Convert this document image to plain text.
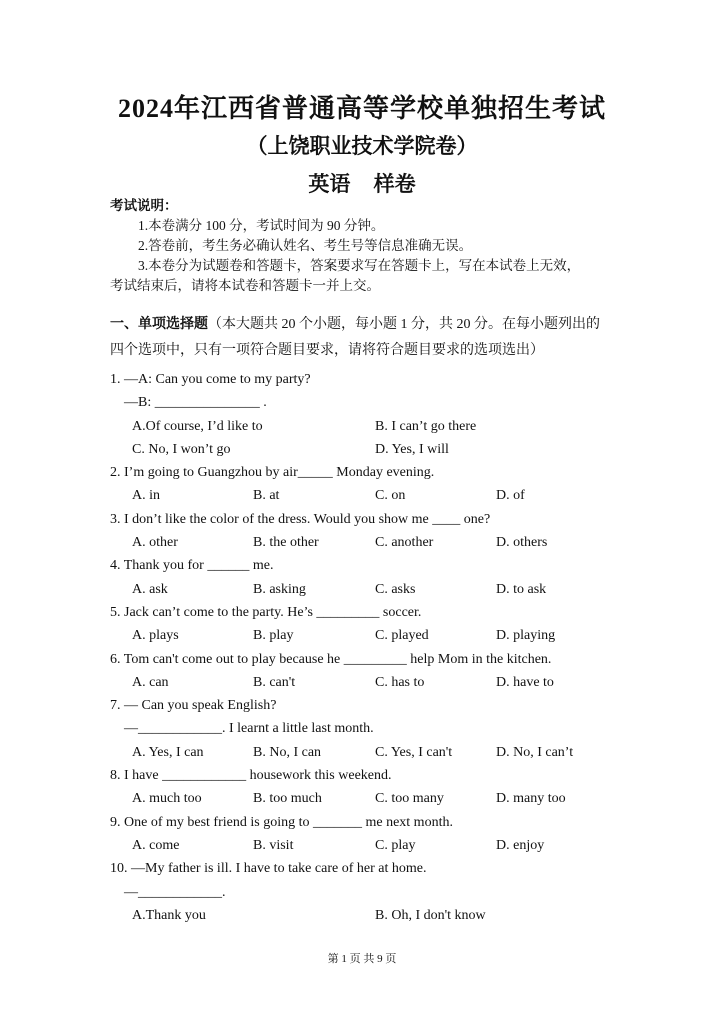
2024年江西省普通高等学校单独招生考试
（上饶职业技术学院卷）
英语 样卷
考试说明：
1.本卷满分 100 分，考试时间为 90 分钟。
2.答卷前，考生务必确认姓名、考生号等信息准确无误。
3.本卷分为试题卷和答题卡，答案要求写在答题卡上，写在本试卷上无效，
考试结束后，请将本试卷和答题卡一并上交。
一、单项选择题（本大题共 20 个小题，每小题 1 分，共 20 分。在每小题列出的
四个选项中，只有一项符合题目要求，请将符合题目要求的选项选出）
1. —A: Can you come to my party?
—B: _______________ .
A.Of course, I’d like to	B. I can’t go there
C. No, I won’t go	D. Yes, I will
2. I’m going to Guangzhou by air_____ Monday evening.
A. in	B. at	C. on	D. of
3. I don’t like the color of the dress. Would you show me ____ one?
A. other	B. the other	C. another	D. others
4. Thank you for ______ me.
A. ask	B. asking	C. asks	D. to ask
5. Jack can’t come to the party. He’s _________ soccer.
A. plays	B. play	C. played	D. playing
6. Tom can't come out to play because he _________ help Mom in the kitchen.
A. can	B. can't	C. has to	D. have to
7. — Can you speak English?
—____________. I learnt a little last month.
A. Yes, I can	B. No, I can	C. Yes, I can't	D. No, I can’t
8. I have ____________ housework this weekend.
A. much too	B. too much	C. too many	D. many too
9. One of my best friend is going to _______ me next month.
A. come	B. visit	C. play	D. enjoy
10. —My father is ill. I have to take care of her at home.
—____________.
A.Thank you	B. Oh, I don't know
第 1 页 共 9 页
